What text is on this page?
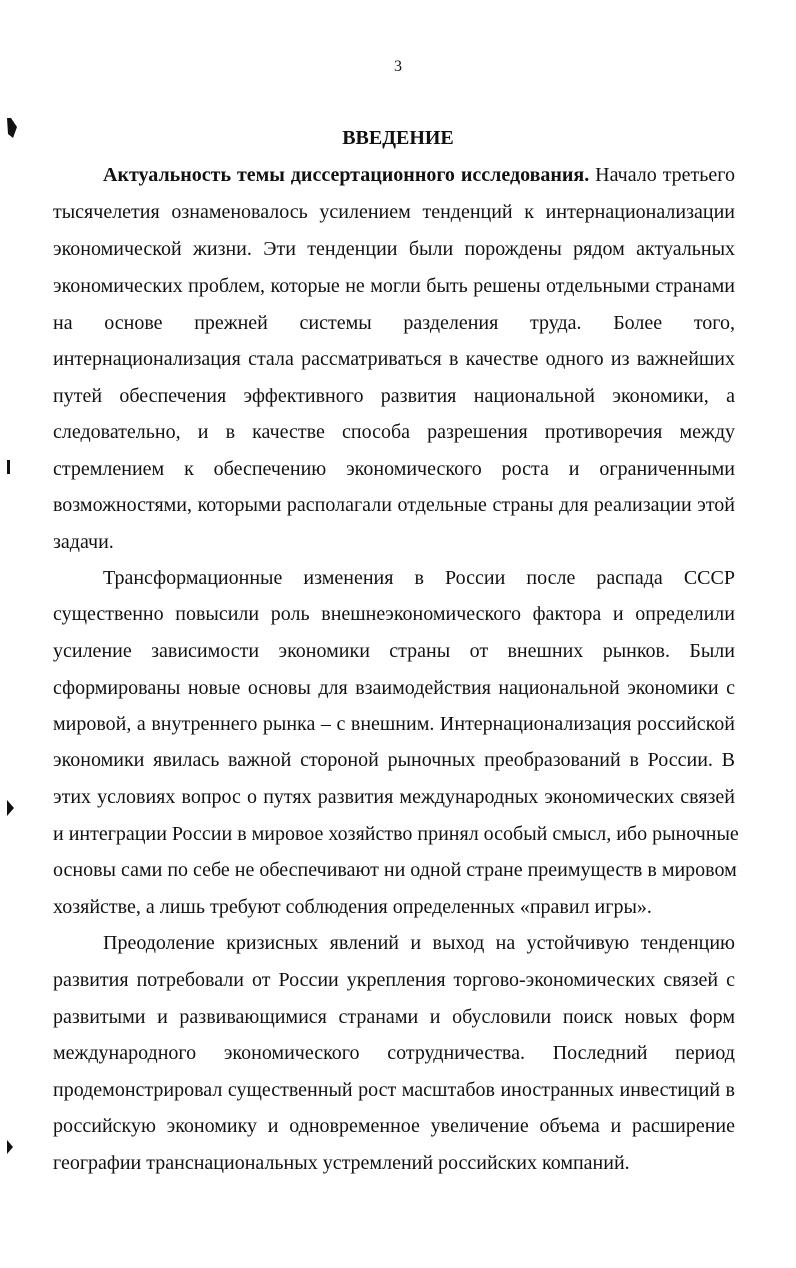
3
ВВЕДЕНИЕ
Актуальность темы диссертационного исследования. Начало третьего
тысячелетия ознаменовалось усилением тенденций к интернационализации
экономической жизни. Эти тенденции были порождены рядом актуальных
экономических проблем, которые не могли быть решены отдельными странами
на основе прежней системы разделения труда. Более того,
интернационализация стала рассматриваться в качестве одного из важнейших
путей обеспечения эффективного развития национальной экономики, а
следовательно, и в качестве способа разрешения противоречия между
стремлением к обеспечению экономического роста и ограниченными
возможностями, которыми располагали отдельные страны для реализации этой
задачи.
Трансформационные изменения в России после распада СССР
существенно повысили роль внешнеэкономического фактора и определили
усиление зависимости экономики страны от внешних рынков. Были
сформированы новые основы для взаимодействия национальной экономики с
мировой, а внутреннего рынка – с внешним. Интернационализация российской
экономики явилась важной стороной рыночных преобразований в России. В
этих условиях вопрос о путях развития международных экономических связей
и интеграции России в мировое хозяйство принял особый смысл, ибо рыночные
основы сами по себе не обеспечивают ни одной стране преимуществ в мировом
хозяйстве, а лишь требуют соблюдения определенных «правил игры».
Преодоление кризисных явлений и выход на устойчивую тенденцию
развития потребовали от России укрепления торгово-экономических связей с
развитыми и развивающимися странами и обусловили поиск новых форм
международного экономического сотрудничества. Последний период
продемонстрировал существенный рост масштабов иностранных инвестиций в
российскую экономику и одновременное увеличение объема и расширение
географии транснациональных устремлений российских компаний.
